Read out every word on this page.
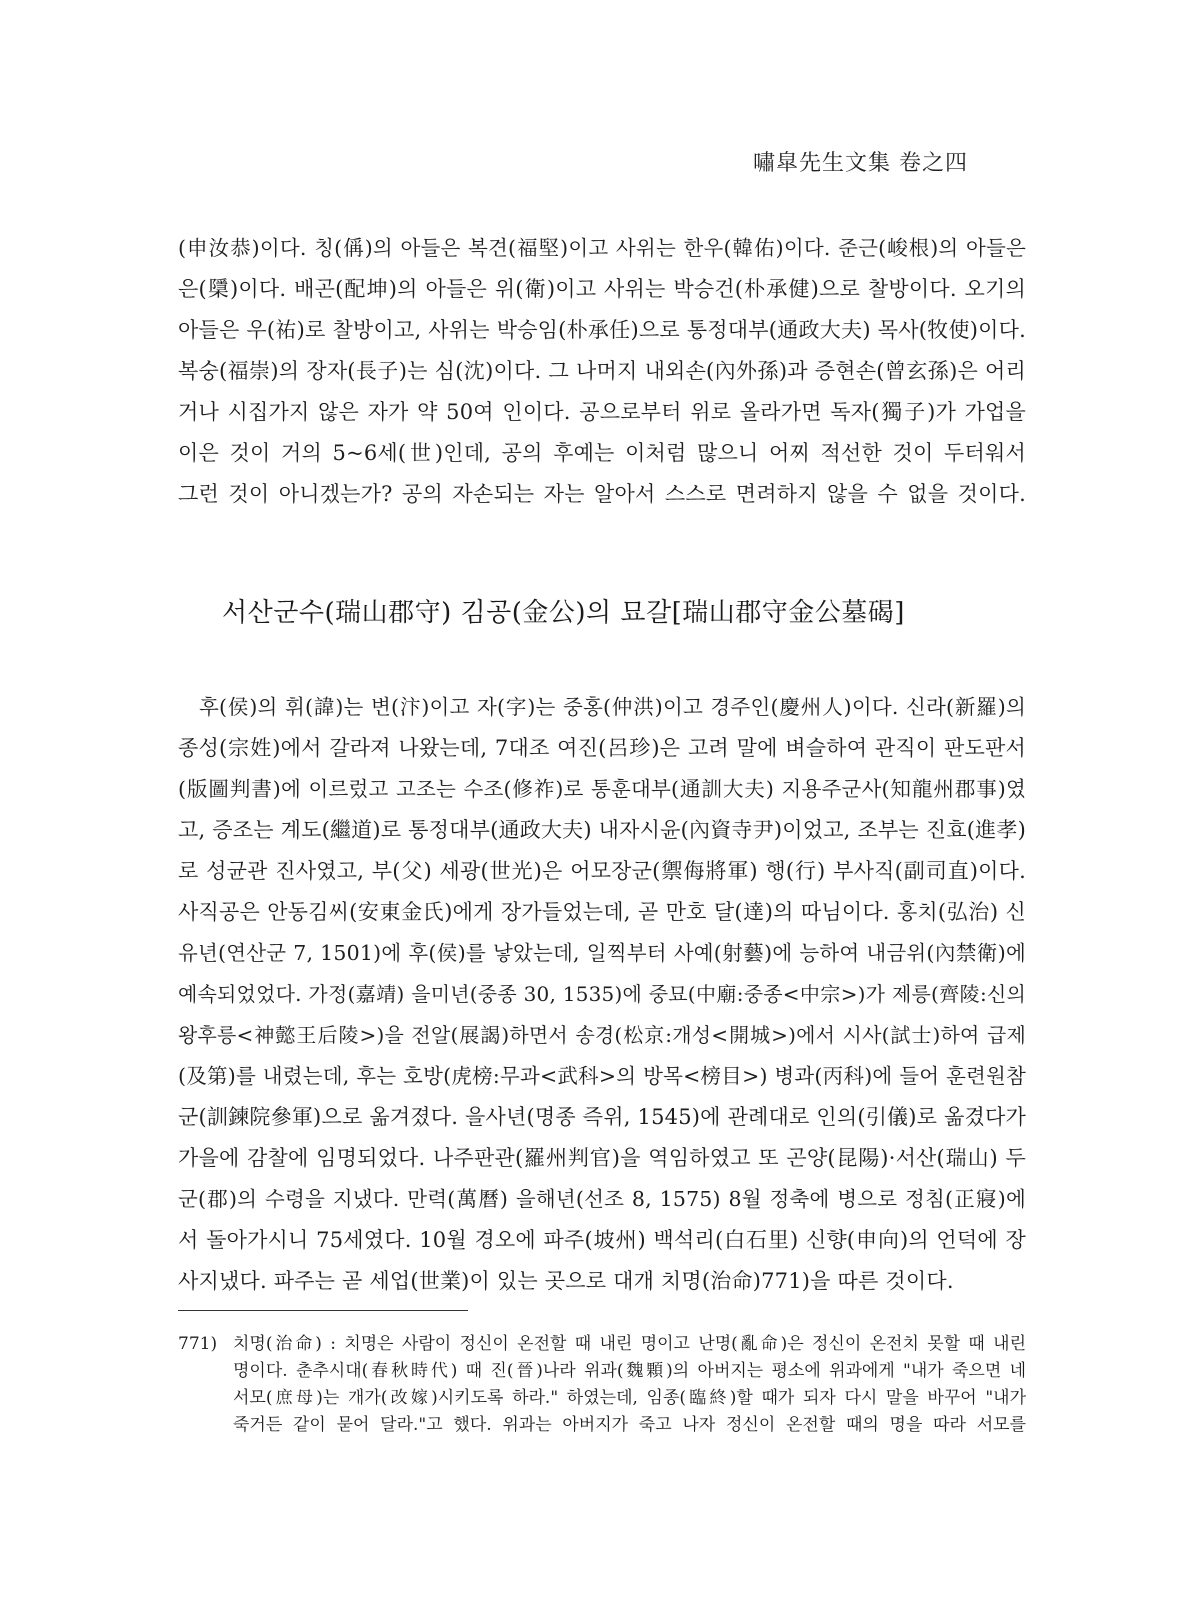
嘯皐先生文集 卷之四
(申汝恭)이다. 칭(偁)의 아들은 복견(福堅)이고 사위는 한우(韓佑)이다. 준근(峻根)의 아들은
은(檃)이다. 배곤(配坤)의 아들은 위(衛)이고 사위는 박승건(朴承健)으로 찰방이다. 오기의
아들은 우(祐)로 찰방이고, 사위는 박승임(朴承任)으로 통정대부(通政大夫) 목사(牧使)이다.
복숭(福崇)의 장자(長子)는 심(沈)이다. 그 나머지 내외손(內外孫)과 증현손(曾玄孫)은 어리
거나 시집가지 않은 자가 약 50여 인이다. 공으로부터 위로 올라가면 독자(獨子)가 가업을
이은 것이 거의 5~6세(世)인데, 공의 후예는 이처럼 많으니 어찌 적선한 것이 두터워서
그런 것이 아니겠는가? 공의 자손되는 자는 알아서 스스로 면려하지 않을 수 없을 것이다.
서산군수(瑞山郡守) 김공(金公)의 묘갈[瑞山郡守金公墓碣]
후(侯)의 휘(諱)는 변(汴)이고 자(字)는 중홍(仲洪)이고 경주인(慶州人)이다. 신라(新羅)의
종성(宗姓)에서 갈라져 나왔는데, 7대조 여진(呂珍)은 고려 말에 벼슬하여 관직이 판도판서
(版圖判書)에 이르렀고 고조는 수조(修祚)로 통훈대부(通訓大夫) 지용주군사(知龍州郡事)였
고, 증조는 계도(繼道)로 통정대부(通政大夫) 내자시윤(內資寺尹)이었고, 조부는 진효(進孝)
로 성균관 진사였고, 부(父) 세광(世光)은 어모장군(禦侮將軍) 행(行) 부사직(副司直)이다.
사직공은 안동김씨(安東金氏)에게 장가들었는데, 곧 만호 달(達)의 따님이다. 홍치(弘治) 신
유년(연산군 7, 1501)에 후(侯)를 낳았는데, 일찍부터 사예(射藝)에 능하여 내금위(內禁衛)에
예속되었었다. 가정(嘉靖) 을미년(중종 30, 1535)에 중묘(中廟:중종<中宗>)가 제릉(齊陵:신의
왕후릉<神懿王后陵>)을 전알(展謁)하면서 송경(松京:개성<開城>)에서 시사(試士)하여 급제
(及第)를 내렸는데, 후는 호방(虎榜:무과<武科>의 방목<榜目>) 병과(丙科)에 들어 훈련원참
군(訓鍊院參軍)으로 옮겨졌다. 을사년(명종 즉위, 1545)에 관례대로 인의(引儀)로 옮겼다가
가을에 감찰에 임명되었다. 나주판관(羅州判官)을 역임하였고 또 곤양(昆陽)·서산(瑞山) 두
군(郡)의 수령을 지냈다. 만력(萬曆) 을해년(선조 8, 1575) 8월 정축에 병으로 정침(正寢)에
서 돌아가시니 75세였다. 10월 경오에 파주(坡州) 백석리(白石里) 신향(申向)의 언덕에 장
사지냈다. 파주는 곧 세업(世業)이 있는 곳으로 대개 치명(治命)771)을 따른 것이다.
771) 치명(治命) : 치명은 사람이 정신이 온전할 때 내린 명이고 난명(亂命)은 정신이 온전치 못할 때 내린
명이다. 춘추시대(春秋時代) 때 진(晉)나라 위과(魏顆)의 아버지는 평소에 위과에게 "내가 죽으면 네
서모(庶母)는 개가(改嫁)시키도록 하라." 하였는데, 임종(臨終)할 때가 되자 다시 말을 바꾸어 "내가
죽거든 같이 묻어 달라."고 했다. 위과는 아버지가 죽고 나자 정신이 온전할 때의 명을 따라 서모를
